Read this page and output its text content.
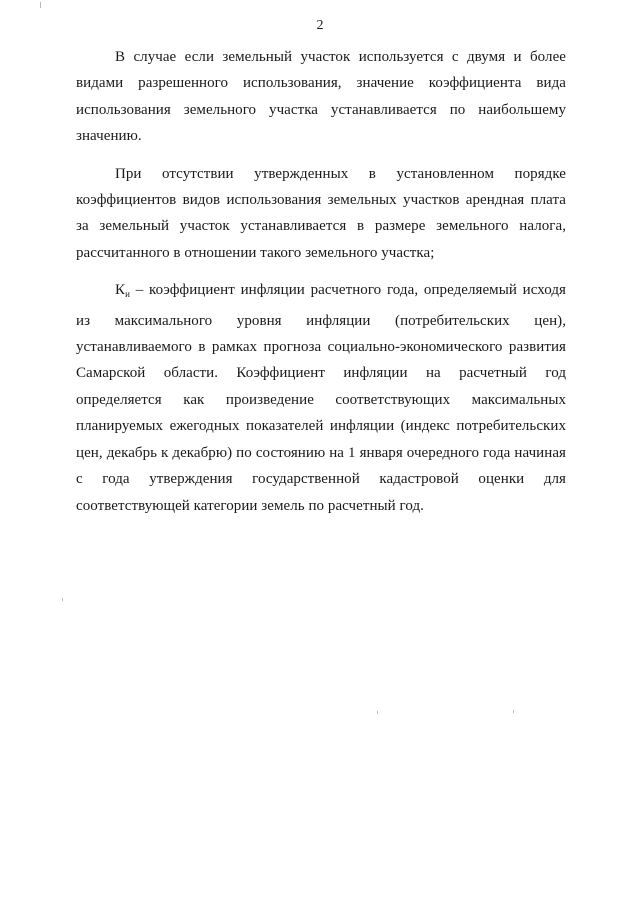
2

В случае если земельный участок используется с двумя и более видами разрешенного использования, значение коэффициента вида использования земельного участка устанавливается по наибольшему значению.

При отсутствии утвержденных в установленном порядке коэффициентов видов использования земельных участков арендная плата за земельный участок устанавливается в размере земельного налога, рассчитанного в отношении такого земельного участка;

$К_и$ – коэффициент инфляции расчетного года, определяемый исходя из максимального уровня инфляции (потребительских цен), устанавливаемого в рамках прогноза социально-экономического развития Самарской области. Коэффициент инфляции на расчетный год определяется как произведение соответствующих максимальных планируемых ежегодных показателей инфляции (индекс потребительских цен, декабрь к декабрю) по состоянию на 1 января очередного года начиная с года утверждения государственной кадастровой оценки для соответствующей категории земель по расчетный год.
